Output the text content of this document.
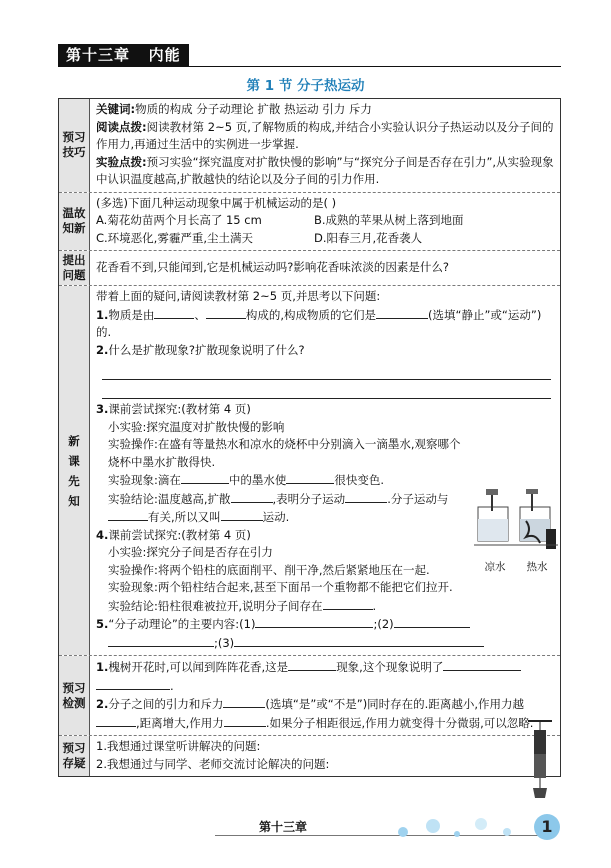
第十三章   内能
第 1 节 分子热运动
预习技巧

关键词:物质的构成 分子动理论 扩散 热运动 引力 斥力

阅读点拨:阅读教材第 2~5 页,了解物质的构成,并结合小实验认识分子热运动以及分子间的作用力,再通过生活中的实例进一步掌握.

实验点拨:预习实验“探究温度对扩散快慢的影响”与“探究分子间是否存在引力”,从实验现象中认识温度越高,扩散越快的结论以及分子间的引力作用.

温故知新

(多选)下面几种运动现象中属于机械运动的是( )

A.菊花幼苗两个月长高了 15 cm	B.成熟的苹果从树上落到地面
C.环境恶化,雾霾严重,尘土满天	D.阳春三月,花香袭人
提出问题
花香看不到,只能闻到,它是机械运动吗?影响花香味浓淡的因素是什么?
新课先知

带着上面的疑问,请阅读教材第 2~5 页,并思考以下问题:

1.物质是由	、	构成的,构成物质的它们是	(选填“静止”或“运动”)的.

2.什么是扩散现象?扩散现象说明了什么?

3.课前尝试探究:(教材第 4 页)

小实验:探究温度对扩散快慢的影响

实验操作:在盛有等量热水和凉水的烧杯中分别滴入一滴墨水,观察哪个烧杯中墨水扩散得快.

实验现象:滴在	中的墨水使	很快变色.

实验结论:温度越高,扩散	,表明分子运动	.分子运动与有关,所以又叫	运动.

凉水 热水

4.课前尝试探究:(教材第 4 页)

小实验:探究分子间是否存在引力

实验操作:将两个铅柱的底面削平、削干净,然后紧紧地压在一起.

实验现象:两个铅柱结合起来,甚至下面吊一个重物都不能把它们拉开.

实验结论:铅柱很难被拉开,说明分子间存在	.

5.“分子动理论”的主要内容:(1)	;(2)

;(3)

预习检测

1.槐树开花时,可以闻到阵阵花香,这是	现象,这个现象说明了

.

2.分子之间的引力和斥力	(选填“是”或“不是”)同时存在的.距离越小,作用力越,距离增大,作用力	.如果分子相距很远,作用力就变得十分微弱,可以忽略.

预习存疑

1.我想通过课堂听讲解决的问题:

2.我想通过与同学、老师交流讨论解决的问题:

第十三章	1
